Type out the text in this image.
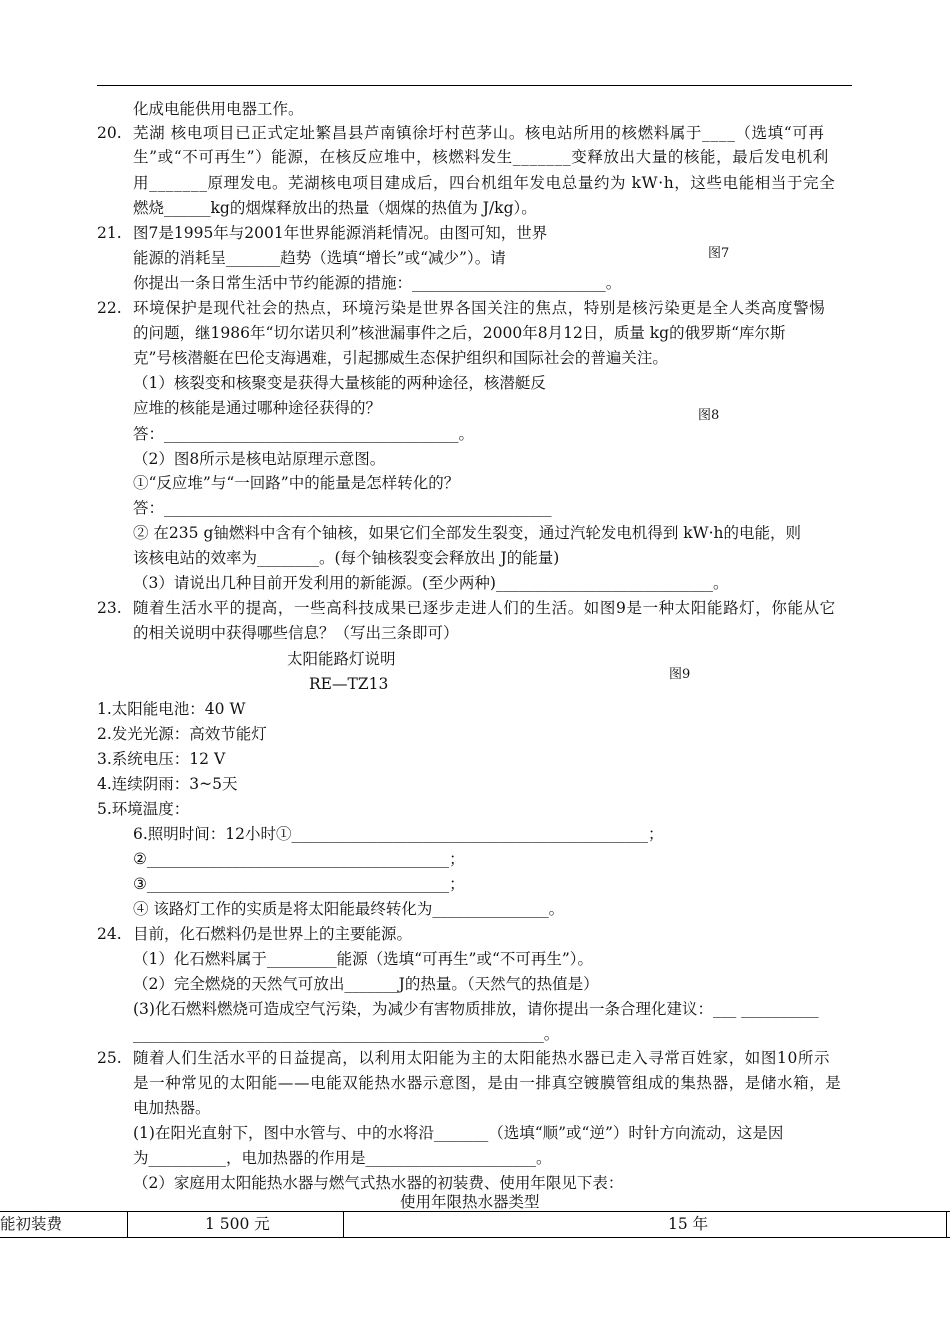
化成电能供用电器工作。
20. 芜湖 核电项目已正式定址繁昌县芦南镇徐圩村芭茅山。核电站所用的核燃料属于____（选填“可再
生”或“不可再生”）能源，在核反应堆中，核燃料发生_______变释放出大量的核能，最后发电机利
用_______原理发电。芜湖核电项目建成后，四台机组年发电总量约为 kW·h，这些电能相当于完全
燃烧______kg的烟煤释放出的热量（烟煤的热值为 J/kg）。
21. 图7是1995年与2001年世界能源消耗情况。由图可知，世界
能源的消耗呈_______趋势（选填“增长”或“减少”）。请	图7
你提出一条日常生活中节约能源的措施：_________________________。
22. 环境保护是现代社会的热点，环境污染是世界各国关注的焦点，特别是核污染更是全人类高度警惕
的问题，继1986年“切尔诺贝利”核泄漏事件之后，2000年8月12日，质量 kg的俄罗斯“库尔斯
克”号核潜艇在巴伦支海遇难，引起挪威生态保护组织和国际社会的普遍关注。
（1）核裂变和核聚变是获得大量核能的两种途径，核潜艇反
应堆的核能是通过哪种途径获得的？	图8
答：______________________________________。
（2）图8所示是核电站原理示意图。
①“反应堆”与“一回路”中的能量是怎样转化的？
答：__________________________________________________
② 在235 g铀燃料中含有个铀核，如果它们全部发生裂变，通过汽轮发电机得到 kW·h的电能，则
该核电站的效率为________。(每个铀核裂变会释放出 J的能量)
（3）请说出几种目前开发利用的新能源。(至少两种)____________________________。
23. 随着生活水平的提高，一些高科技成果已逐步走进人们的生活。如图9是一种太阳能路灯，你能从它
的相关说明中获得哪些信息？（写出三条即可）
太阳能路灯说明
RE—TZ13
图9
1.太阳能电池：40 W
2.发光光源：高效节能灯
3.系统电压：12 V
4.连续阴雨：3~5天
5.环境温度：
6.照明时间：12小时①______________________________________________；
②_______________________________________；
③_______________________________________；
④ 该路灯工作的实质是将太阳能最终转化为_______________。
24. 目前，化石燃料仍是世界上的主要能源。
（1）化石燃料属于_________能源（选填“可再生”或“不可再生”）。
（2）完全燃烧的天然气可放出_______J的热量。（天然气的热值是）
(3)化石燃料燃烧可造成空气污染，为减少有害物质排放，请你提出一条合理化建议：___ __________
_____________________________________________________。
25. 随着人们生活水平的日益提高，以利用太阳能为主的太阳能热水器已走入寻常百姓家，如图10所示
是一种常见的太阳能——电能双能热水器示意图，是由一排真空镀膜管组成的集热器，是储水箱，是
电加热器。
(1)在阳光直射下，图中水管与、中的水将沿_______（选填“顺”或“逆”）时针方向流动，这是因
为__________，电加热器的作用是______________________。
（2）家庭用太阳能热水器与燃气式热水器的初装费、使用年限见下表：
使用年限热水器类型
能初装费	1 500 元	15 年
